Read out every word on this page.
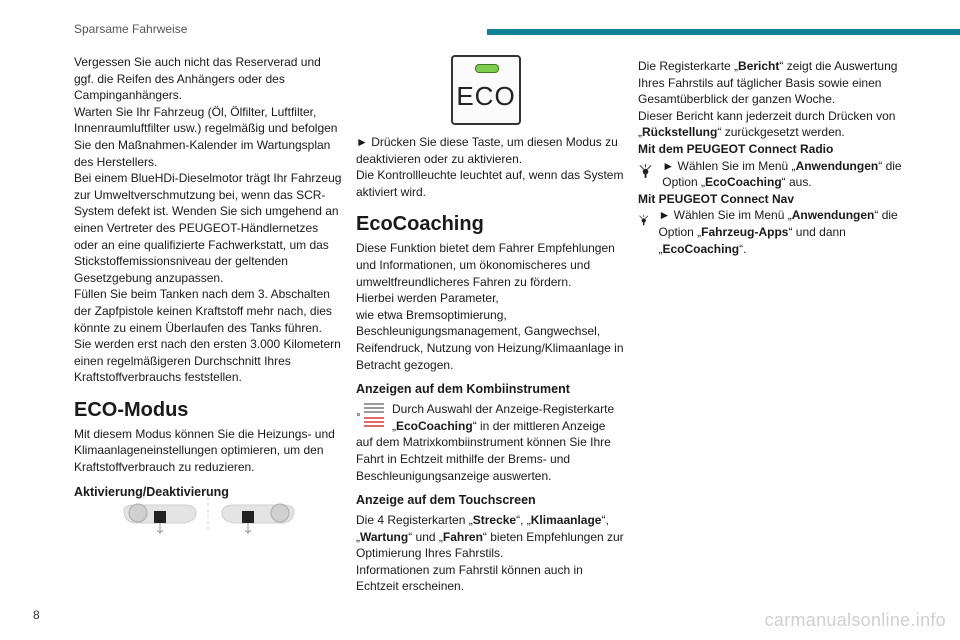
Sparsame Fahrweise

Vergessen Sie auch nicht das Reserverad und ggf. die Reifen des Anhängers oder des Campinganhängers.

Warten Sie Ihr Fahrzeug (Öl, Ölfilter, Luftfilter, Innenraumluftfilter usw.) regelmäßig und befolgen Sie den Maßnahmen-Kalender im Wartungsplan des Herstellers.

Bei einem BlueHDi-Dieselmotor trägt Ihr Fahrzeug zur Umweltverschmutzung bei, wenn das SCR-System defekt ist. Wenden Sie sich umgehend an einen Vertreter des PEUGEOT-Händlernetzes oder an eine qualifizierte Fachwerkstatt, um das Stickstoffemissionsniveau der geltenden Gesetzgebung anzupassen.

Füllen Sie beim Tanken nach dem 3. Abschalten der Zapfpistole keinen Kraftstoff mehr nach, dies könnte zu einem Überlaufen des Tanks führen.

Sie werden erst nach den ersten 3.000 Kilometern einen regelmäßigeren Durchschnitt Ihres Kraftstoffverbrauchs feststellen.

ECO-Modus

Mit diesem Modus können Sie die Heizungs- und Klimaanlageneinstellungen optimieren, um den Kraftstoffverbrauch zu reduzieren.

Aktivierung/Deaktivierung
ECO

► Drücken Sie diese Taste, um diesen Modus zu deaktivieren oder zu aktivieren.

Die Kontrollleuchte leuchtet auf, wenn das System aktiviert wird.

EcoCoaching

Diese Funktion bietet dem Fahrer Empfehlungen und Informationen, um ökonomischeres und umweltfreundlicheres Fahren zu fördern.

Hierbei werden Parameter,

wie etwa Bremsoptimierung, Beschleunigungsmanagement, Gangwechsel, Reifendruck, Nutzung von Heizung/Klimaanlage in Betracht gezogen.

Anzeigen auf dem Kombiinstrument

Durch Auswahl der Anzeige-Registerkarte „EcoCoaching“ in der mittleren Anzeige auf dem Matrixkombiinstrument können Sie Ihre Fahrt in Echtzeit mithilfe der Brems- und Beschleunigungsanzeige auswerten.

Anzeige auf dem Touchscreen

Die 4 Registerkarten „Strecke“, „Klimaanlage“, „Wartung“ und „Fahren“ bieten Empfehlungen zur Optimierung Ihres Fahrstils.

Informationen zum Fahrstil können auch in Echtzeit erscheinen.

Die Registerkarte „Bericht“ zeigt die Auswertung Ihres Fahrstils auf täglicher Basis sowie einen Gesamtüberblick der ganzen Woche.

Dieser Bericht kann jederzeit durch Drücken von „Rückstellung“ zurückgesetzt werden.

Mit dem PEUGEOT Connect Radio

► Wählen Sie im Menü „Anwendungen“ die Option „EcoCoaching“ aus.

Mit PEUGEOT Connect Nav

► Wählen Sie im Menü „Anwendungen“ die Option „Fahrzeug-Apps“ und dann „EcoCoaching“.

8	carmanualsonline.info
